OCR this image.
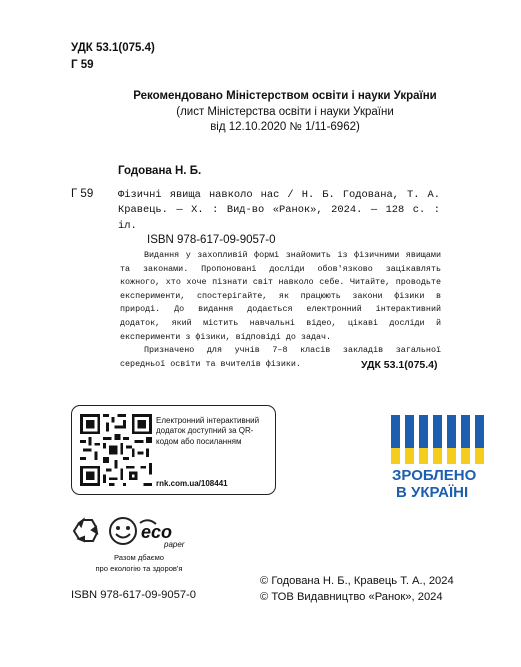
УДК 53.1(075.4)
Г 59
Рекомендовано Міністерством освіти і науки України
(лист Міністерства освіти і науки України
від 12.10.2020 № 1/11-6962)
Годована Н. Б.
Г 59 Фізичні явища навколо нас / Н. Б. Годована, Т. А. Кравець. — Х. : Вид-во «Ранок», 2024. — 128 с. : іл.
ISBN 978-617-09-9057-0

Видання у захопливій формі знайомить із фізичними явищами та законами. Пропоновані досліди обов'язково зацікавлять кожного, хто хоче пізнати світ навколо себе. Читайте, проводьте експерименти, спостерігайте, як працюють закони фізики в природі. До видання додається електронний інтерактивний додаток, який містить навчальні відео, цікаві досліди й експерименти з фізики, відповіді до задач.

Призначено для учнів 7–8 класів закладів загальної середньої освіти та вчителів фізики.	УДК 53.1(075.4)
Електронний інтерактивний додаток доступний за QR-кодом або посиланням
rnk.com.ua/108441	ЗРОБЛЕНО
В УКРАЇНІ
eco
paper
Разом дбаємо
про екологію та здоров'я
© Годована Н. Б., Кравець Т. А., 2024
© ТОВ Видавництво «Ранок», 2024
ISBN 978-617-09-9057-0
